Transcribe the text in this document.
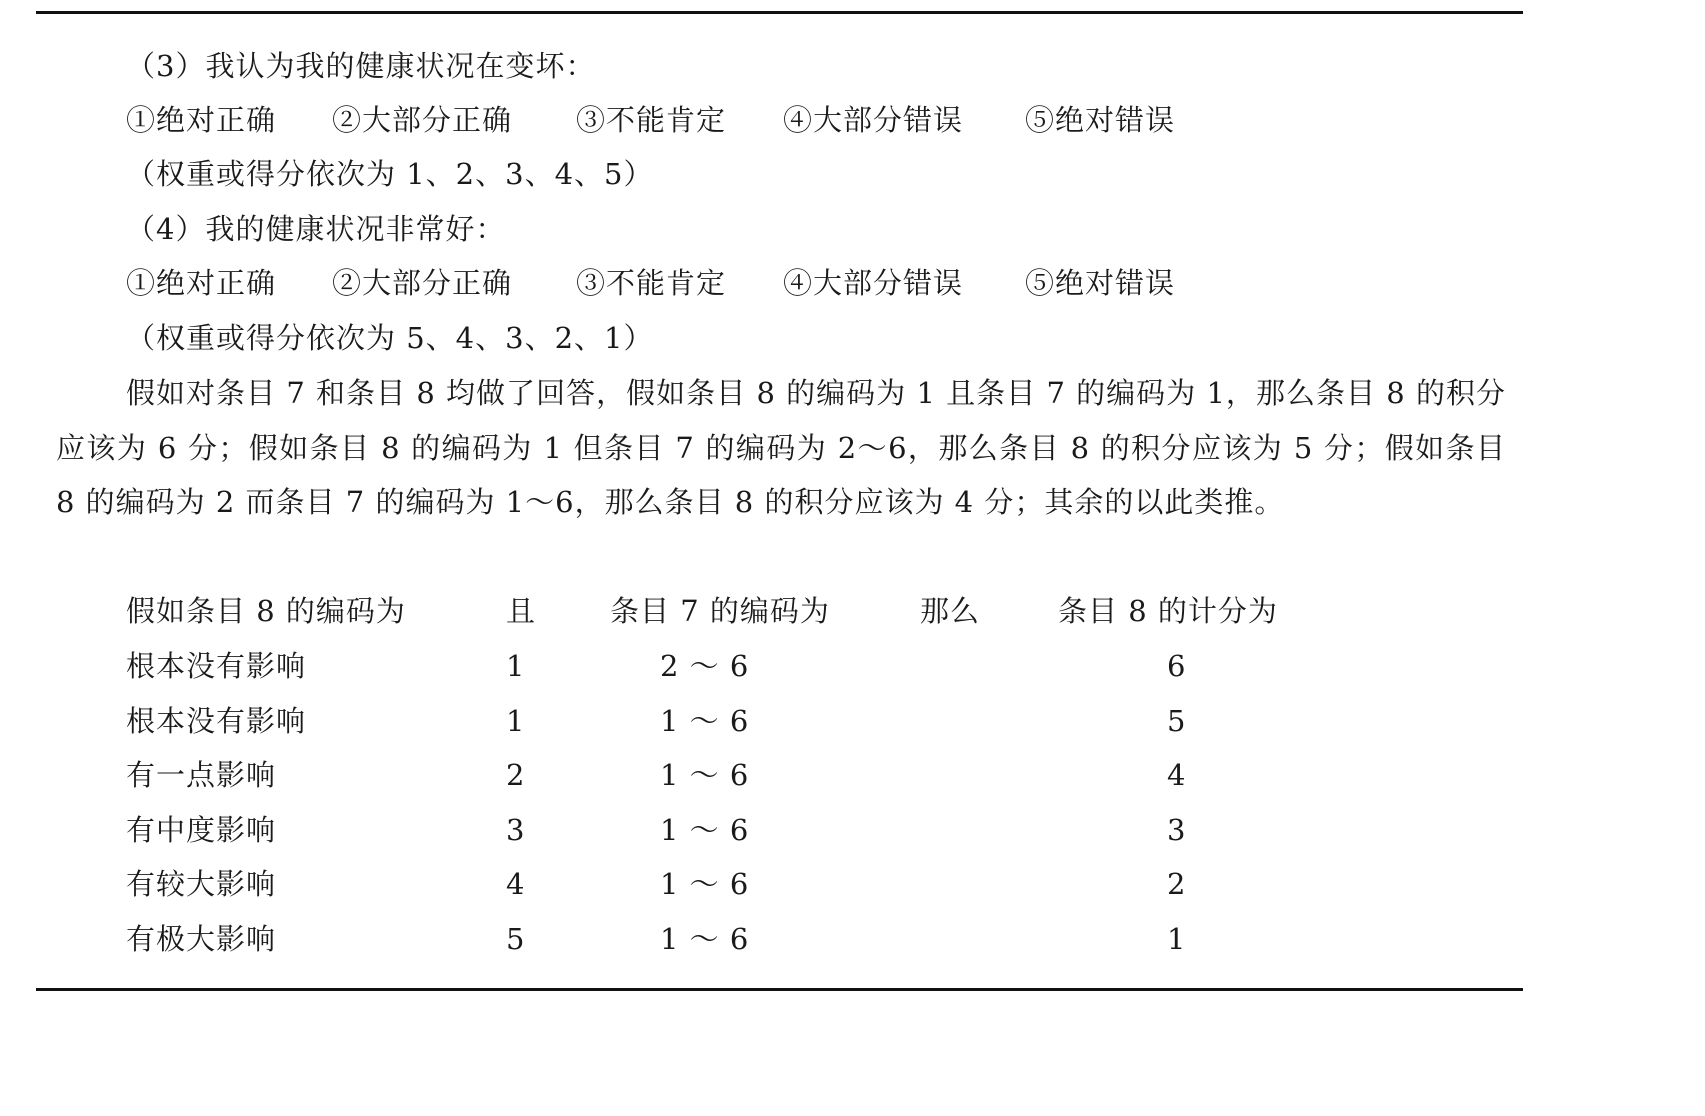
（3）我认为我的健康状况在变坏：
①绝对正确 ②大部分正确 ③不能肯定 ④大部分错误 ⑤绝对错误
（权重或得分依次为 1、2、3、4、5）
（4）我的健康状况非常好：
①绝对正确 ②大部分正确 ③不能肯定 ④大部分错误 ⑤绝对错误
（权重或得分依次为 5、4、3、2、1）
假如对条目 7 和条目 8 均做了回答，假如条目 8 的编码为 1 且条目 7 的编码为 1，那么条目 8 的积分应该为 6 分；假如条目 8 的编码为 1 但条目 7 的编码为 2～6，那么条目 8 的积分应该为 5 分；假如条目 8 的编码为 2 而条目 7 的编码为 1～6，那么条目 8 的积分应该为 4 分；其余的以此类推。
假如条目 8 的编码为	且	条目 7 的编码为	那么	条目 8 的计分为
根本没有影响	1	2 ～ 6	6
根本没有影响	1	1 ～ 6	5
有一点影响	2	1 ～ 6	4
有中度影响	3	1 ～ 6	3
有较大影响	4	1 ～ 6	2
有极大影响	5	1 ～ 6	1
